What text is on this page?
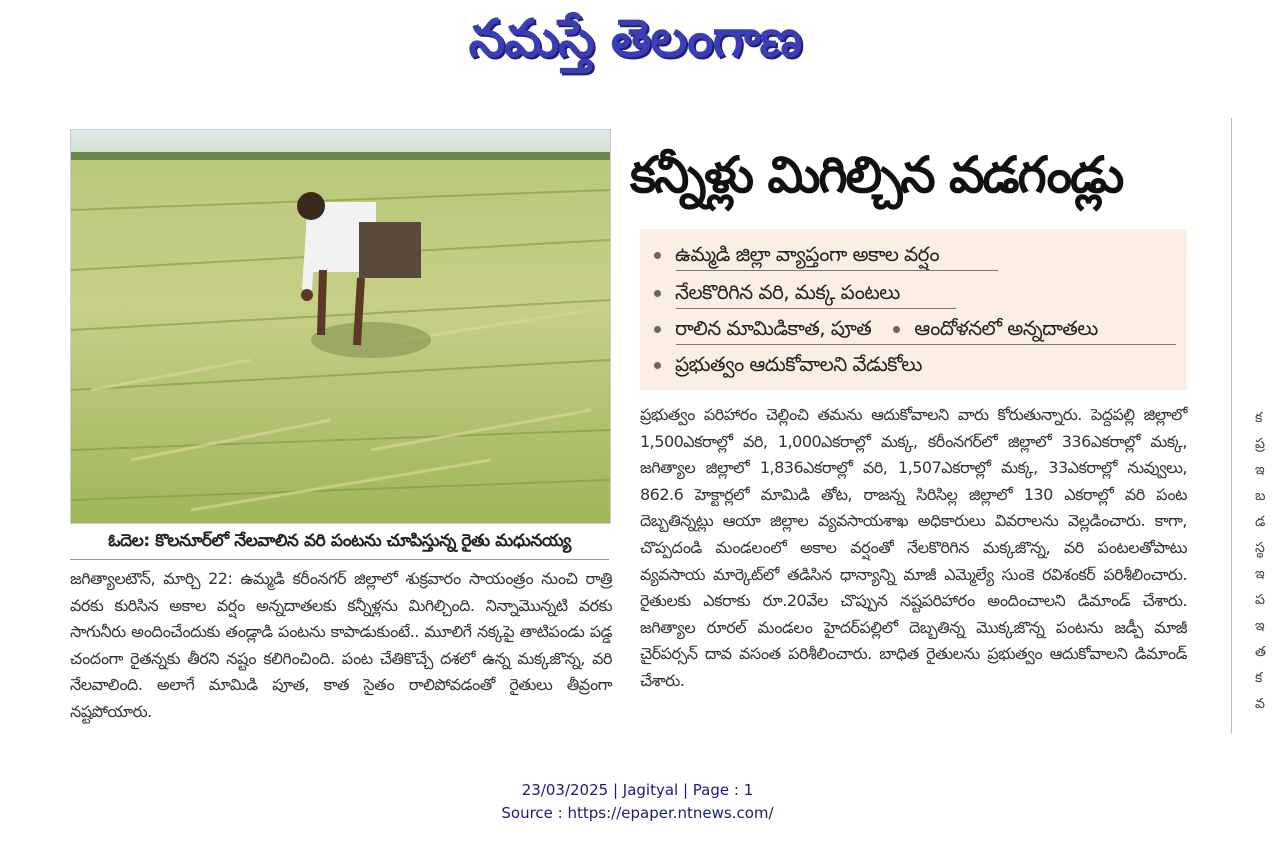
నమస్తే తెలంగాణ
ఓదెల: కొలనూర్‌లో నేలవాలిన వరి పంటను చూపిస్తున్న రైతు మధునయ్య

జగిత్యాలటౌన్, మార్చి 22: ఉమ్మడి కరీంనగర్ జిల్లాలో శుక్రవారం సాయంత్రం నుంచి రాత్రి వరకు కురిసిన అకాల వర్షం అన్నదాతలకు కన్నీళ్లను మిగిల్చింది. నిన్నామొన్నటి వరకు సాగునీరు అందించేందుకు తండ్లాడి పంటను కాపాడుకుంటే.. మూలిగే నక్కపై తాటిపండు పడ్డ చందంగా రైతన్నకు తీరని నష్టం కలిగించింది. పంట చేతికొచ్చే దశలో ఉన్న మక్కజొన్న, వరి నేలవాలింది. అలాగే మామిడి పూత, కాత సైతం రాలిపోవడంతో రైతులు తీవ్రంగా నష్టపోయారు.

కన్నీళ్లు మిగిల్చిన వడగండ్లు
ఉమ్మడి జిల్లా వ్యాప్తంగా అకాల వర్షం
నేలకొరిగిన వరి, మక్క పంటలు
రాలిన మామిడికాత, పూత ఆందోళనలో అన్నదాతలు
ప్రభుత్వం ఆదుకోవాలని వేడుకోలు

ప్రభుత్వం పరిహారం చెల్లించి తమను ఆదుకోవాలని వారు కోరుతున్నారు. పెద్దపల్లి జిల్లాలో 1,500ఎకరాల్లో వరి, 1,000ఎకరాల్లో మక్క, కరీంనగర్‌లో జిల్లాలో 336ఎకరాల్లో మక్క, జగిత్యాల జిల్లాలో 1,836ఎకరాల్లో వరి, 1,507ఎకరాల్లో మక్క, 33ఎకరాల్లో నువ్వులు, 862.6 హెక్టార్లలో మామిడి తోట, రాజన్న సిరిసిల్ల జిల్లాలో 130 ఎకరాల్లో వరి పంట దెబ్బతిన్నట్లు ఆయా జిల్లాల వ్యవసాయశాఖ అధికారులు వివరాలను వెల్లడించారు. కాగా, చొప్పదండి మండలంలో అకాల వర్షంతో నేలకొరిగిన మక్కజొన్న, వరి పంటలతోపాటు వ్యవసాయ మార్కెట్‌లో తడిసిన ధాన్యాన్ని మాజీ ఎమ్మెల్యే సుంకె రవిశంకర్ పరిశీలించారు. రైతులకు ఎకరాకు రూ.20వేల చొప్పున నష్టపరిహారం అందించాలని డిమాండ్ చేశారు. జగిత్యాల రూరల్ మండలం హైదర్‌పల్లిలో దెబ్బతిన్న మొక్కజొన్న పంటను జడ్పీ మాజీ చైర్‌పర్సన్ దావ వసంత పరిశీలించారు. బాధిత రైతులను ప్రభుత్వం ఆదుకోవాలని డిమాండ్ చేశారు.

క
ప్ర
ఇ
బ
డ
స్థ
ఇ
ప
ఇ
త
క
వ
23/03/2025 | Jagityal | Page : 1
Source : https://epaper.ntnews.com/
